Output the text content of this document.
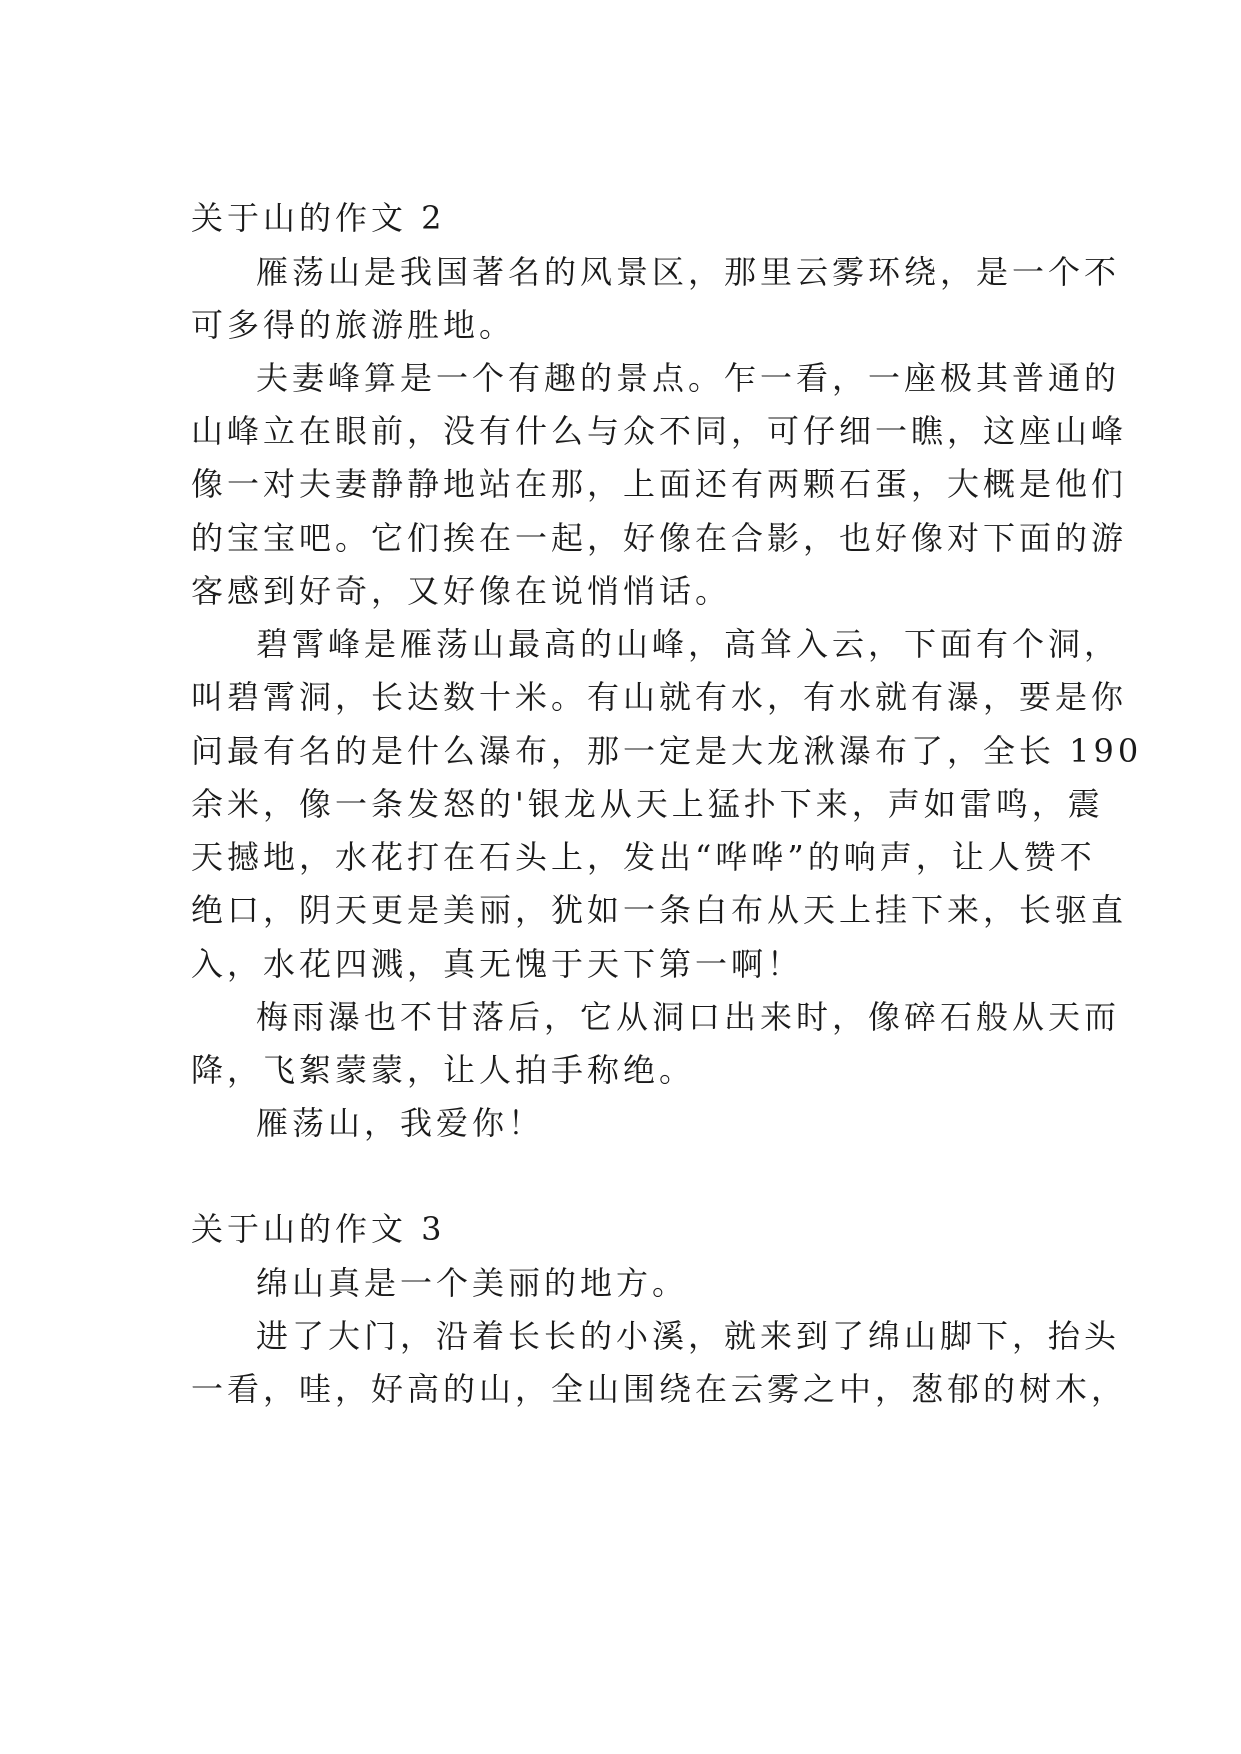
关于山的作文 2
雁荡山是我国著名的风景区，那里云雾环绕，是一个不
可多得的旅游胜地。
夫妻峰算是一个有趣的景点。乍一看，一座极其普通的
山峰立在眼前，没有什么与众不同，可仔细一瞧，这座山峰
像一对夫妻静静地站在那，上面还有两颗石蛋，大概是他们
的宝宝吧。它们挨在一起，好像在合影，也好像对下面的游
客感到好奇，又好像在说悄悄话。
碧霄峰是雁荡山最高的山峰，高耸入云，下面有个洞，
叫碧霄洞，长达数十米。有山就有水，有水就有瀑，要是你
问最有名的是什么瀑布，那一定是大龙湫瀑布了，全长 190
余米，像一条发怒的'银龙从天上猛扑下来，声如雷鸣，震
天撼地，水花打在石头上，发出“哗哗”的响声，让人赞不
绝口，阴天更是美丽，犹如一条白布从天上挂下来，长驱直
入，水花四溅，真无愧于天下第一啊！
梅雨瀑也不甘落后，它从洞口出来时，像碎石般从天而
降，飞絮蒙蒙，让人拍手称绝。
雁荡山，我爱你！
关于山的作文 3
绵山真是一个美丽的地方。
进了大门，沿着长长的小溪，就来到了绵山脚下，抬头
一看，哇，好高的山，全山围绕在云雾之中，葱郁的树木，
